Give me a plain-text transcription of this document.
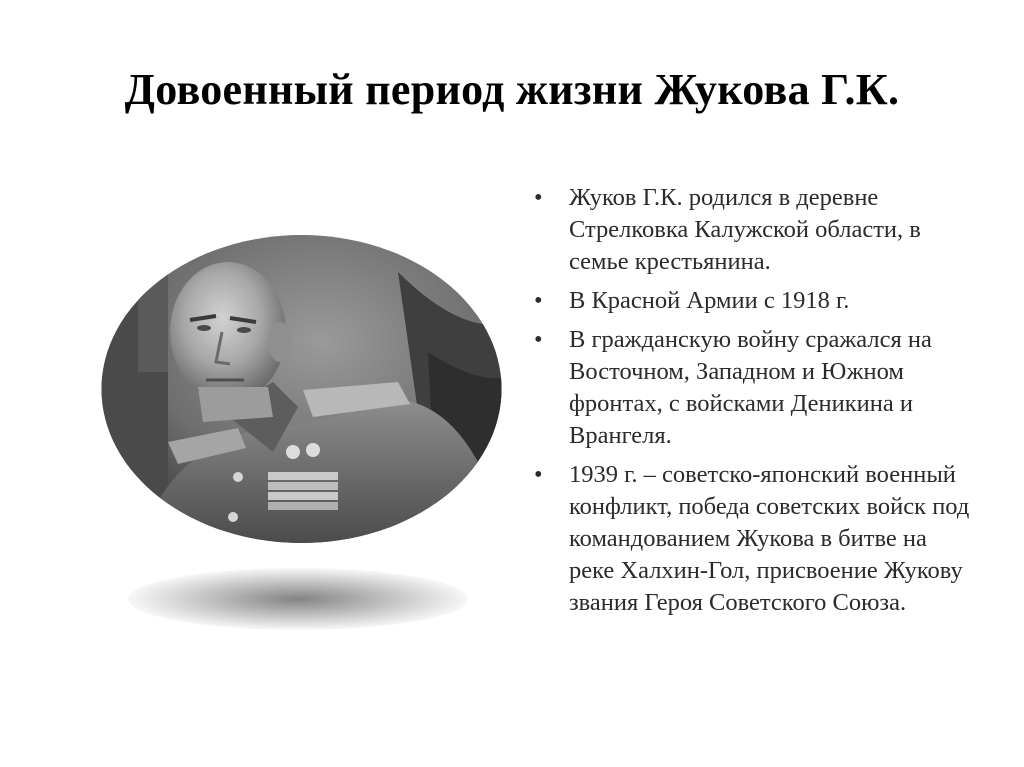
Довоенный период жизни Жукова Г.К.
• Жуков Г.К. родился в деревне Стрелковка Калужской области, в семье крестьянина.
• В Красной Армии с 1918 г.
• В гражданскую войну сражался на Восточном, Западном и Южном фронтах, с войсками Деникина и Врангеля.
• 1939 г. – советско-японский военный конфликт, победа советских войск под командованием Жукова в битве на реке Халхин-Гол, присвоение Жукову звания Героя Советского Союза.
